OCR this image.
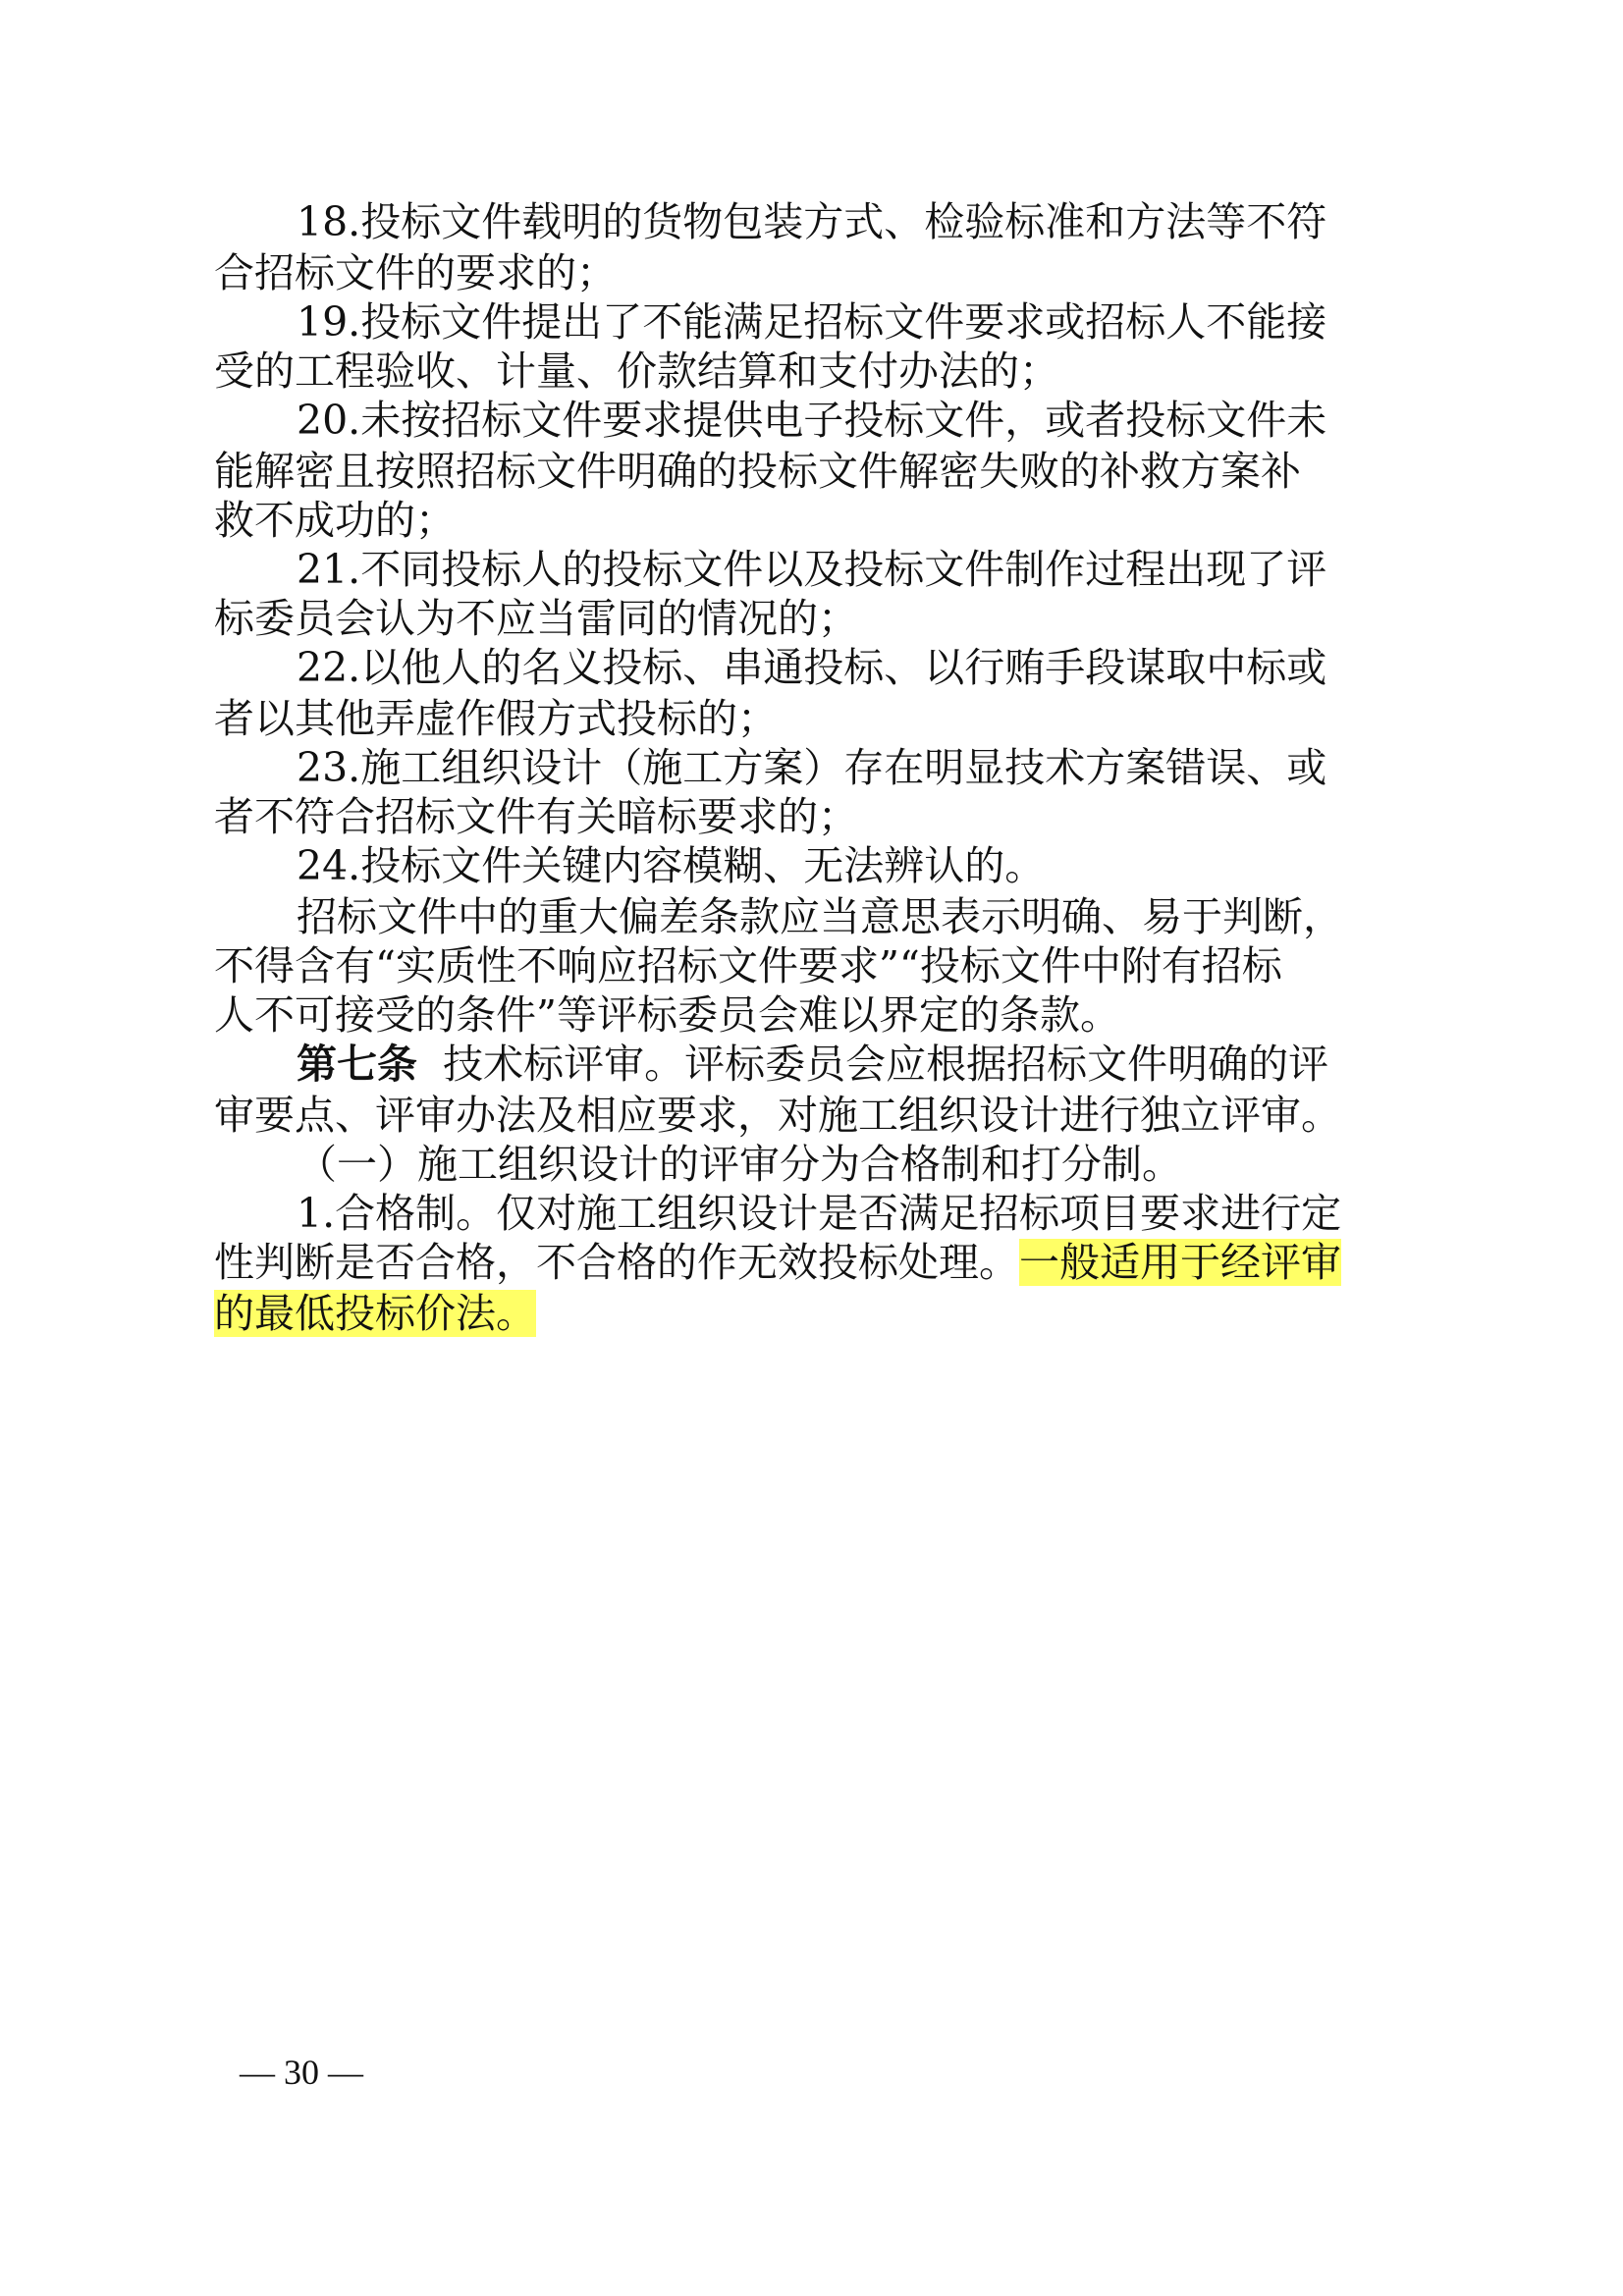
18.投标文件载明的货物包装方式、检验标准和方法等不符
合招标文件的要求的；
19.投标文件提出了不能满足招标文件要求或招标人不能接
受的工程验收、计量、价款结算和支付办法的；
20.未按招标文件要求提供电子投标文件，或者投标文件未
能解密且按照招标文件明确的投标文件解密失败的补救方案补
救不成功的；
21.不同投标人的投标文件以及投标文件制作过程出现了评
标委员会认为不应当雷同的情况的；
22.以他人的名义投标、串通投标、以行贿手段谋取中标或
者以其他弄虚作假方式投标的；
23.施工组织设计（施工方案）存在明显技术方案错误、或
者不符合招标文件有关暗标要求的；
24.投标文件关键内容模糊、无法辨认的。
招标文件中的重大偏差条款应当意思表示明确、易于判断，
不得含有“实质性不响应招标文件要求”“投标文件中附有招标
人不可接受的条件”等评标委员会难以界定的条款。
第七条 技术标评审。评标委员会应根据招标文件明确的评
审要点、评审办法及相应要求，对施工组织设计进行独立评审。
（一）施工组织设计的评审分为合格制和打分制。
1.合格制。仅对施工组织设计是否满足招标项目要求进行定
性判断是否合格，不合格的作无效投标处理。一般适用于经评审
的最低投标价法。
— 30 —
